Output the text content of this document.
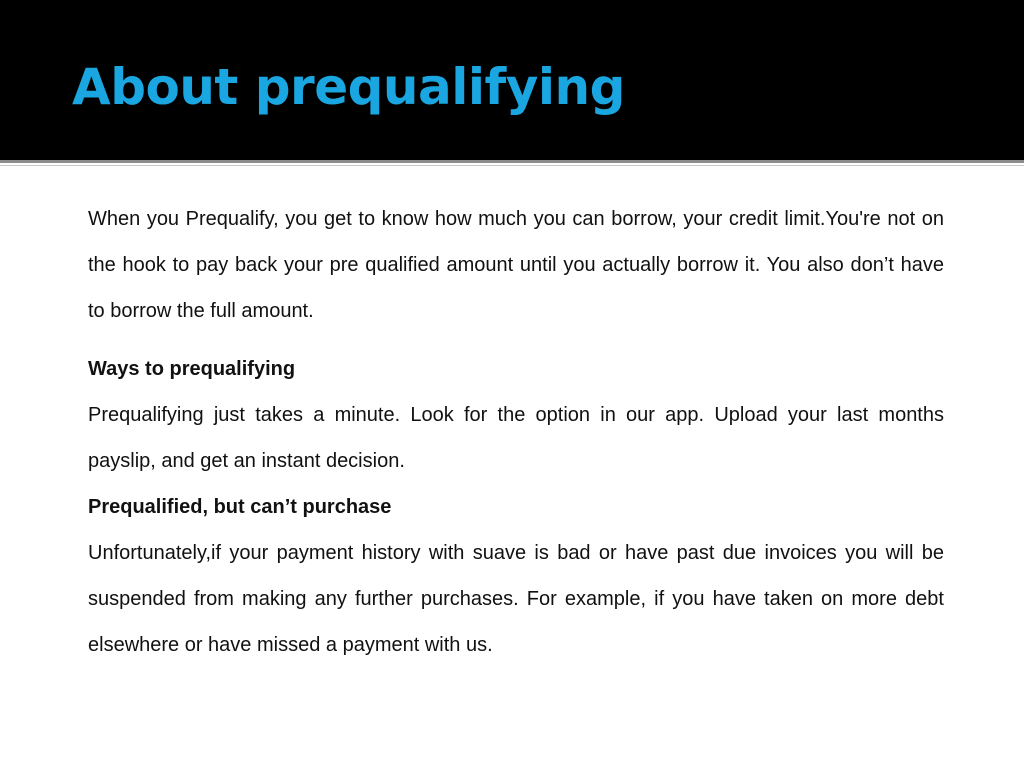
About prequalifying

When you Prequalify, you get to know how much you can borrow, your credit limit.You're not on the hook to pay back your pre qualified amount until you actually borrow it. You also don’t have to borrow the full amount.

Ways to prequalifying

Prequalifying just takes a minute. Look for the option in our app. Upload your last months payslip, and get an instant decision.

Prequalified, but can’t purchase

Unfortunately,if your payment history with suave is bad or have past due invoices you will be suspended from making any further purchases. For example, if you have taken on more debt elsewhere or have missed a payment with us.
